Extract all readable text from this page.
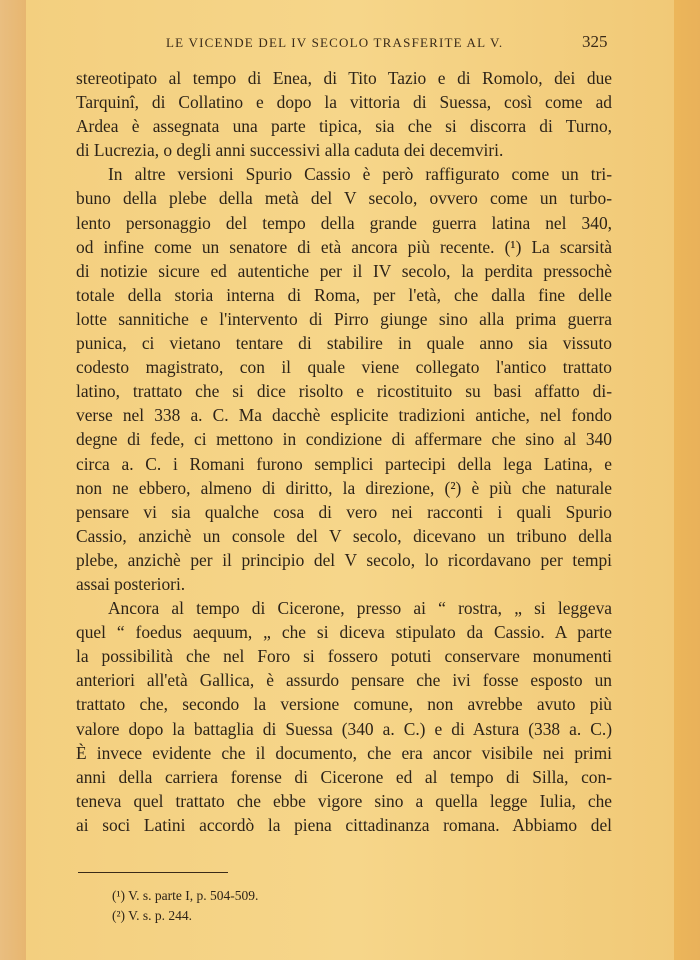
LE VICENDE DEL IV SECOLO TRASFERITE AL V.	325
stereotipato al tempo di Enea, di Tito Tazio e di Romolo, dei due
Tarquinî, di Collatino e dopo la vittoria di Suessa, così come ad
Ardea è assegnata una parte tipica, sia che si discorra di Turno,
di Lucrezia, o degli anni successivi alla caduta dei decemviri.
In altre versioni Spurio Cassio è però raffigurato come un tri-
buno della plebe della metà del V secolo, ovvero come un turbo-
lento personaggio del tempo della grande guerra latina nel 340,
od infine come un senatore di età ancora più recente. (¹) La scarsità
di notizie sicure ed autentiche per il IV secolo, la perdita pressochè
totale della storia interna di Roma, per l'età, che dalla fine delle
lotte sannitiche e l'intervento di Pirro giunge sino alla prima guerra
punica, ci vietano tentare di stabilire in quale anno sia vissuto
codesto magistrato, con il quale viene collegato l'antico trattato
latino, trattato che si dice risolto e ricostituito su basi affatto di-
verse nel 338 a. C. Ma dacchè esplicite tradizioni antiche, nel fondo
degne di fede, ci mettono in condizione di affermare che sino al 340
circa a. C. i Romani furono semplici partecipi della lega Latina, e
non ne ebbero, almeno di diritto, la direzione, (²) è più che naturale
pensare vi sia qualche cosa di vero nei racconti i quali Spurio
Cassio, anzichè un console del V secolo, dicevano un tribuno della
plebe, anzichè per il principio del V secolo, lo ricordavano per tempi
assai posteriori.
Ancora al tempo di Cicerone, presso ai “ rostra, „ si leggeva
quel “ foedus aequum, „ che si diceva stipulato da Cassio. A parte
la possibilità che nel Foro si fossero potuti conservare monumenti
anteriori all'età Gallica, è assurdo pensare che ivi fosse esposto un
trattato che, secondo la versione comune, non avrebbe avuto più
valore dopo la battaglia di Suessa (340 a. C.) e di Astura (338 a. C.)
È invece evidente che il documento, che era ancor visibile nei primi
anni della carriera forense di Cicerone ed al tempo di Silla, con-
teneva quel trattato che ebbe vigore sino a quella legge Iulia, che
ai soci Latini accordò la piena cittadinanza romana. Abbiamo del
(¹) V. s. parte I, p. 504-509.
(²) V. s. p. 244.
